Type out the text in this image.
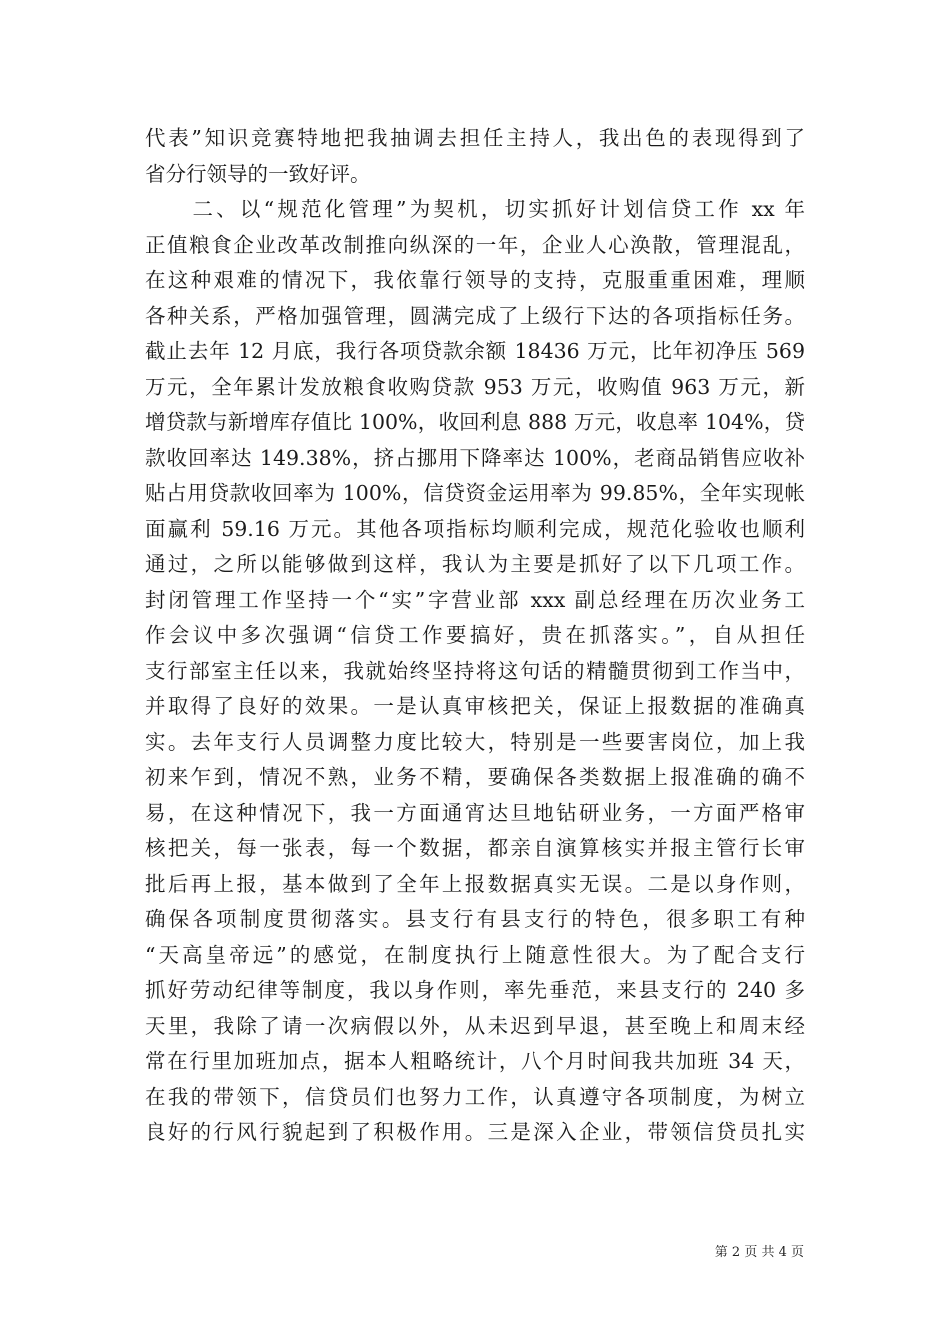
代表”知识竞赛特地把我抽调去担任主持人，我出色的表现得到了
省分行领导的一致好评。
　　二、以“规范化管理”为契机，切实抓好计划信贷工作 xx 年
正值粮食企业改革改制推向纵深的一年，企业人心涣散，管理混乱，
在这种艰难的情况下，我依靠行领导的支持，克服重重困难，理顺
各种关系，严格加强管理，圆满完成了上级行下达的各项指标任务。
截止去年 12 月底，我行各项贷款余额 18436 万元，比年初净压 569
万元，全年累计发放粮食收购贷款 953 万元，收购值 963 万元，新
增贷款与新增库存值比 100%，收回利息 888 万元，收息率 104%，贷
款收回率达 149.38%，挤占挪用下降率达 100%，老商品销售应收补
贴占用贷款收回率为 100%，信贷资金运用率为 99.85%，全年实现帐
面赢利 59.16 万元。其他各项指标均顺利完成，规范化验收也顺利
通过，之所以能够做到这样，我认为主要是抓好了以下几项工作。
封闭管理工作坚持一个“实”字营业部 xxx 副总经理在历次业务工
作会议中多次强调“信贷工作要搞好，贵在抓落实。”，自从担任
支行部室主任以来，我就始终坚持将这句话的精髓贯彻到工作当中，
并取得了良好的效果。一是认真审核把关，保证上报数据的准确真
实。去年支行人员调整力度比较大，特别是一些要害岗位，加上我
初来乍到，情况不熟，业务不精，要确保各类数据上报准确的确不
易，在这种情况下，我一方面通宵达旦地钻研业务，一方面严格审
核把关，每一张表，每一个数据，都亲自演算核实并报主管行长审
批后再上报，基本做到了全年上报数据真实无误。二是以身作则，
确保各项制度贯彻落实。县支行有县支行的特色，很多职工有种
“天高皇帝远”的感觉，在制度执行上随意性很大。为了配合支行
抓好劳动纪律等制度，我以身作则，率先垂范，来县支行的 240 多
天里，我除了请一次病假以外，从未迟到早退，甚至晚上和周末经
常在行里加班加点，据本人粗略统计，八个月时间我共加班 34 天，
在我的带领下，信贷员们也努力工作，认真遵守各项制度，为树立
良好的行风行貌起到了积极作用。三是深入企业，带领信贷员扎实
第 2 页 共 4 页
